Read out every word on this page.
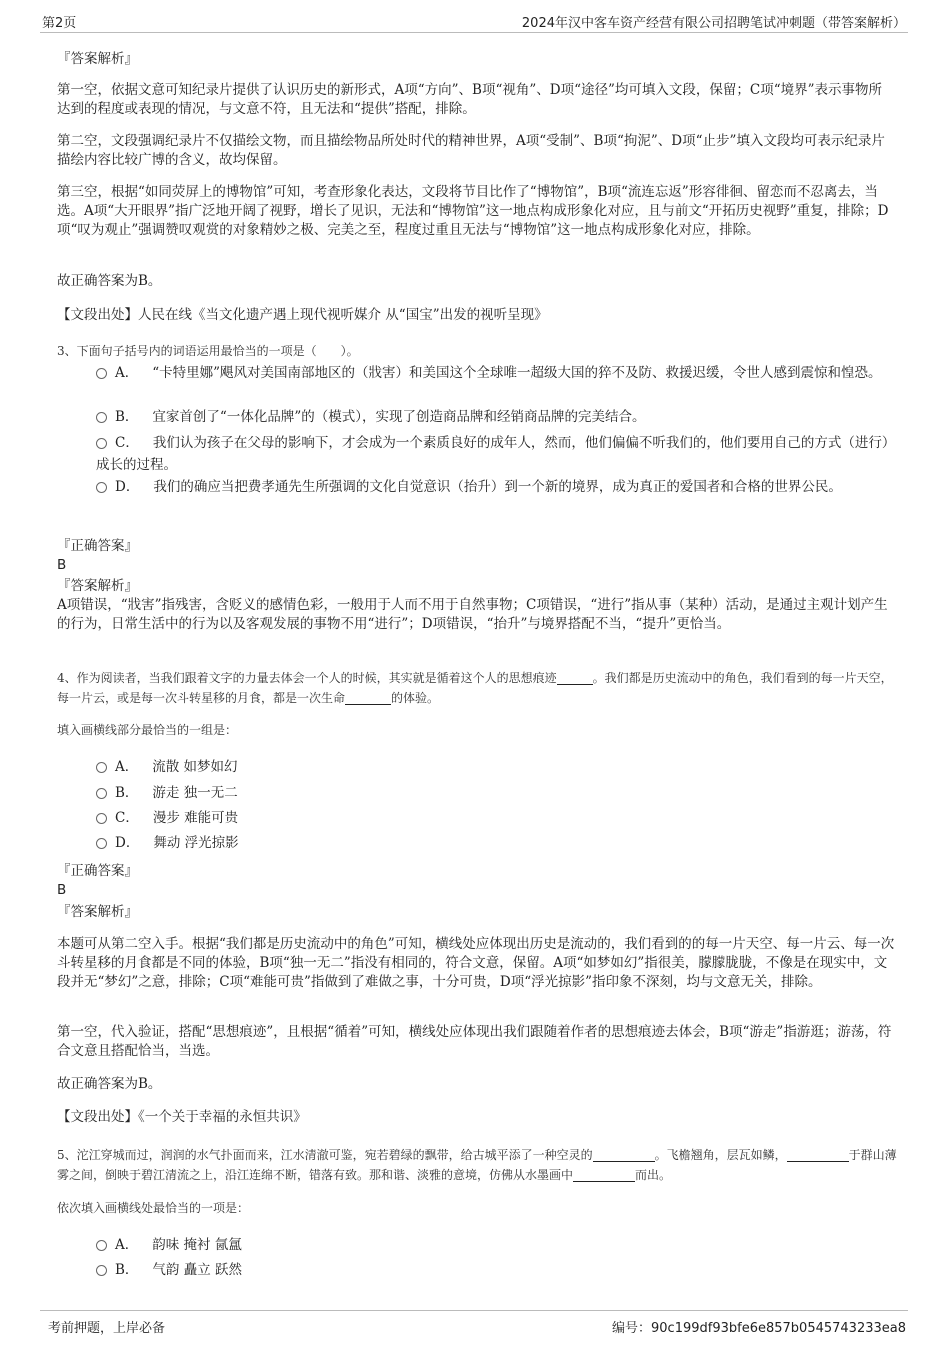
第2页	2024年汉中客车资产经营有限公司招聘笔试冲刺题（带答案解析）
『答案解析』
第一空，依据文意可知纪录片提供了认识历史的新形式，A项“方向”、B项“视角”、D项“途径”均可填入文段，保留；C项“境界”表示事物所达到的程度或表现的情况，与文意不符，且无法和“提供”搭配，排除。
第二空，文段强调纪录片不仅描绘文物，而且描绘物品所处时代的精神世界，A项“受制”、B项“拘泥”、D项“止步”填入文段均可表示纪录片描绘内容比较广博的含义，故均保留。
第三空，根据“如同荧屏上的博物馆”可知，考查形象化表达，文段将节目比作了“博物馆”，B项“流连忘返”形容徘徊、留恋而不忍离去，当选。A项“大开眼界”指广泛地开阔了视野，增长了见识，无法和“博物馆”这一地点构成形象化对应，且与前文“开拓历史视野”重复，排除；D项“叹为观止”强调赞叹观赏的对象精妙之极、完美之至，程度过重且无法与“博物馆”这一地点构成形象化对应，排除。
故正确答案为B。
【文段出处】人民在线《当文化遗产遇上现代视听媒介 从“国宝”出发的视听呈现》
3、下面句子括号内的词语运用最恰当的一项是（　　）。
A． “卡特里娜”飓风对美国南部地区的（戕害）和美国这个全球唯一超级大国的猝不及防、救援迟缓，令世人感到震惊和惶恐。
B． 宜家首创了“一体化品牌”的（模式），实现了创造商品牌和经销商品牌的完美结合。
C． 我们认为孩子在父母的影响下，才会成为一个素质良好的成年人，然而，他们偏偏不听我们的，他们要用自己的方式（进行）成长的过程。
D． 我们的确应当把费孝通先生所强调的文化自觉意识（抬升）到一个新的境界，成为真正的爱国者和合格的世界公民。
『正确答案』
B
『答案解析』
A项错误，“戕害”指残害，含贬义的感情色彩，一般用于人而不用于自然事物；C项错误，“进行”指从事（某种）活动，是通过主观计划产生的行为，日常生活中的行为以及客观发展的事物不用“进行”；D项错误，“抬升”与境界搭配不当，“提升”更恰当。
4、作为阅读者，当我们跟着文字的力量去体会一个人的时候，其实就是循着这个人的思想痕迹	。我们都是历史流动中的角色，我们看到的每一片天空，每一片云，或是每一次斗转星移的月食，都是一次生命	的体验。
填入画横线部分最恰当的一组是：
A． 流散 如梦如幻
B． 游走 独一无二
C． 漫步 难能可贵
D． 舞动 浮光掠影
『正确答案』
B
『答案解析』
本题可从第二空入手。根据“我们都是历史流动中的角色”可知，横线处应体现出历史是流动的，我们看到的的每一片天空、每一片云、每一次斗转星移的月食都是不同的体验，B项“独一无二”指没有相同的，符合文意，保留。A项“如梦如幻”指很美，朦朦胧胧，不像是在现实中，文段并无“梦幻”之意，排除；C项“难能可贵”指做到了难做之事，十分可贵，D项“浮光掠影”指印象不深刻，均与文意无关，排除。
第一空，代入验证，搭配“思想痕迹”，且根据“循着”可知，横线处应体现出我们跟随着作者的思想痕迹去体会，B项“游走”指游逛；游荡，符合文意且搭配恰当，当选。
故正确答案为B。
【文段出处】《一个关于幸福的永恒共识》
5、沱江穿城而过，润润的水气扑面而来，江水清澈可鉴，宛若碧绿的飘带，给古城平添了一种空灵的	。飞檐翘角，层瓦如鳞，	于群山薄雾之间，倒映于碧江清流之上，沿江连绵不断，错落有致。那和谐、淡雅的意境，仿佛从水墨画中	而出。
依次填入画横线处最恰当的一项是：
A． 韵味 掩衬 氤氲
B． 气韵 矗立 跃然
考前押题，上岸必备	编号：90c199df93bfe6e857b0545743233ea8
